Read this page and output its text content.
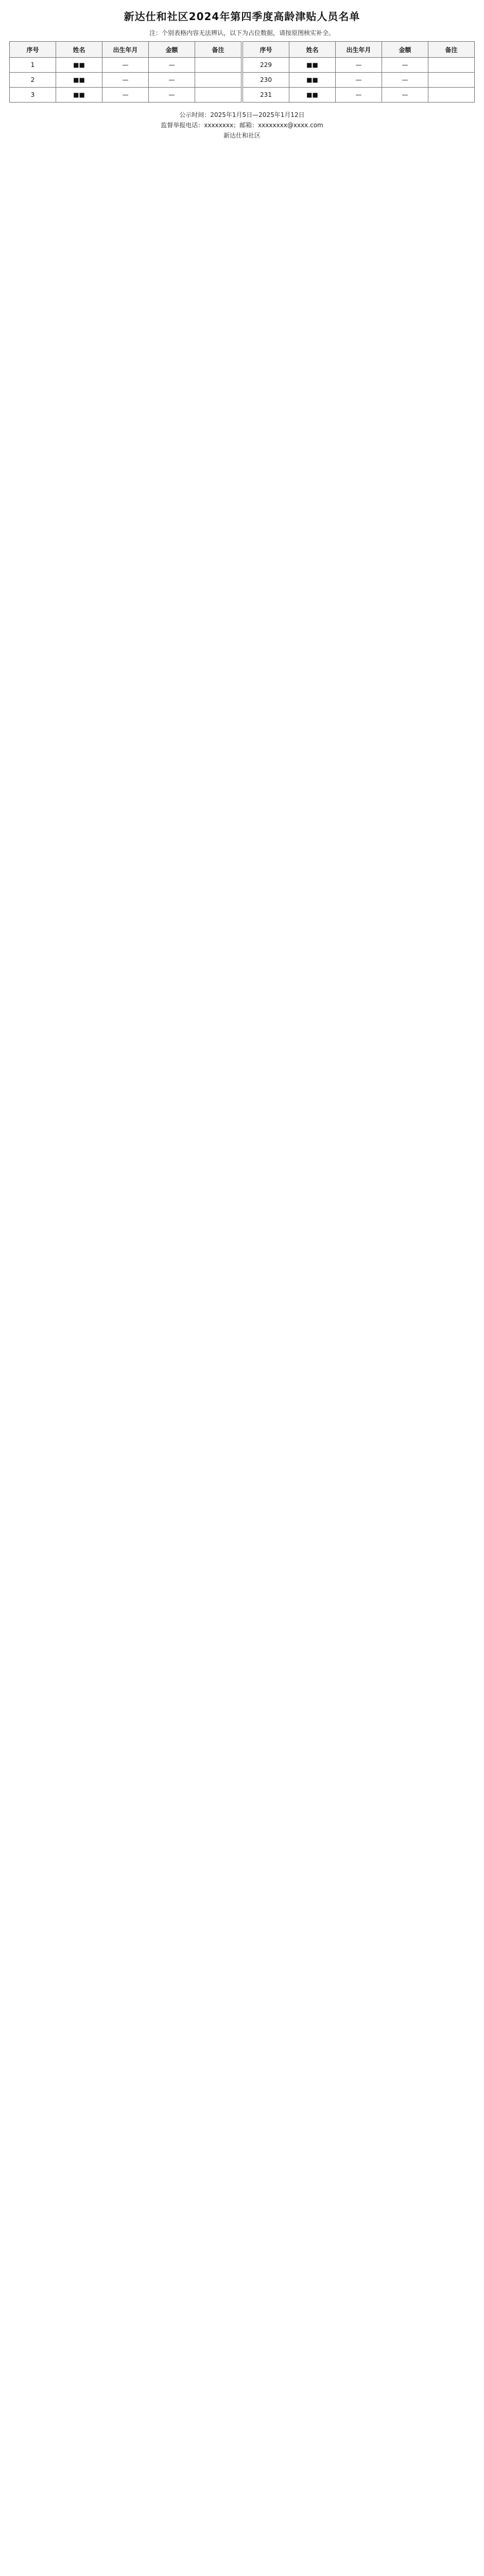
新达仕和社区2024年第四季度高龄津贴人员名单
注：个别表格内容无法辨认，以下为占位数据，请按原图核实补全。
序号	姓名	出生年月	金额	备注		序号	姓名	出生年月	金额	备注
1	■■	—	—			229	■■	—	—	
2	■■	—	—			230	■■	—	—	
3	■■	—	—			231	■■	—	—	
公示时间：2025年1月5日—2025年1月12日
监督举报电话：xxxxxxxx；邮箱：xxxxxxxx@xxxx.com
新达仕和社区
